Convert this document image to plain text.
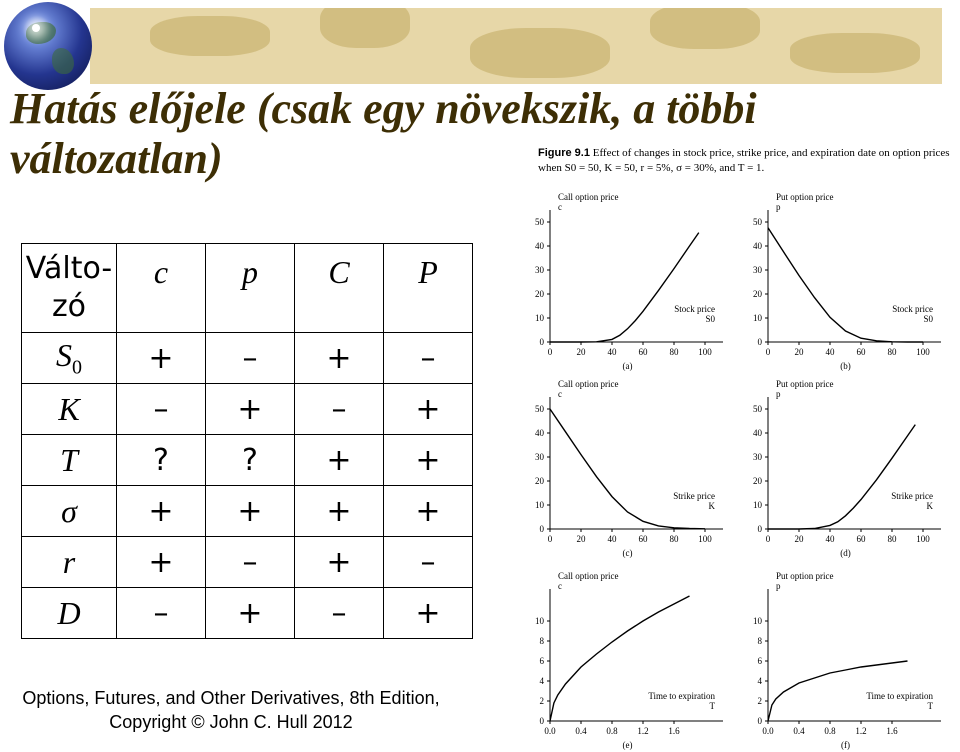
Hatás előjele (csak egy növekszik, a többi változatlan)
Válto-
zó	c	p	C	P
$S_0$	+	–	+	–
K	–	+	–	+
T	?	?	+	+
σ	+	+	+	+
r	+	–	+	–
D	–	+	–	+
0
10
20
30
40
50
0	20 40 60 80 100
Call option price
c
Stock price
S0
(a)
0
10
20
30
40
50
0	20 40 60 80 100
Put option price
p
Stock price
S0
(b)
0
10
20
30
40
50
0	20 40 60 80 100
Call option price
c
Strike price
K
(c)
0
10
20
30
40
50
0	20 40 60 80 100
Put option price
p
Strike price
K
(d)
0
2
4
6
8
10
0.0 0.4 0.8 1.2 1.6
Call option price
c
Time to expiration
T
(e)
0
2
4
6
8
10
0.0 0.4 0.8 1.2 1.6
Put option price
p
Time to expiration
T
(f)
Figure 9.1 Effect of changes in stock price, strike price, and expiration date on option prices when S0 = 50, K = 50, r = 5%, σ = 30%, and T = 1.
Options, Futures, and Other Derivatives, 8th Edition,
Copyright © John C. Hull 2012
